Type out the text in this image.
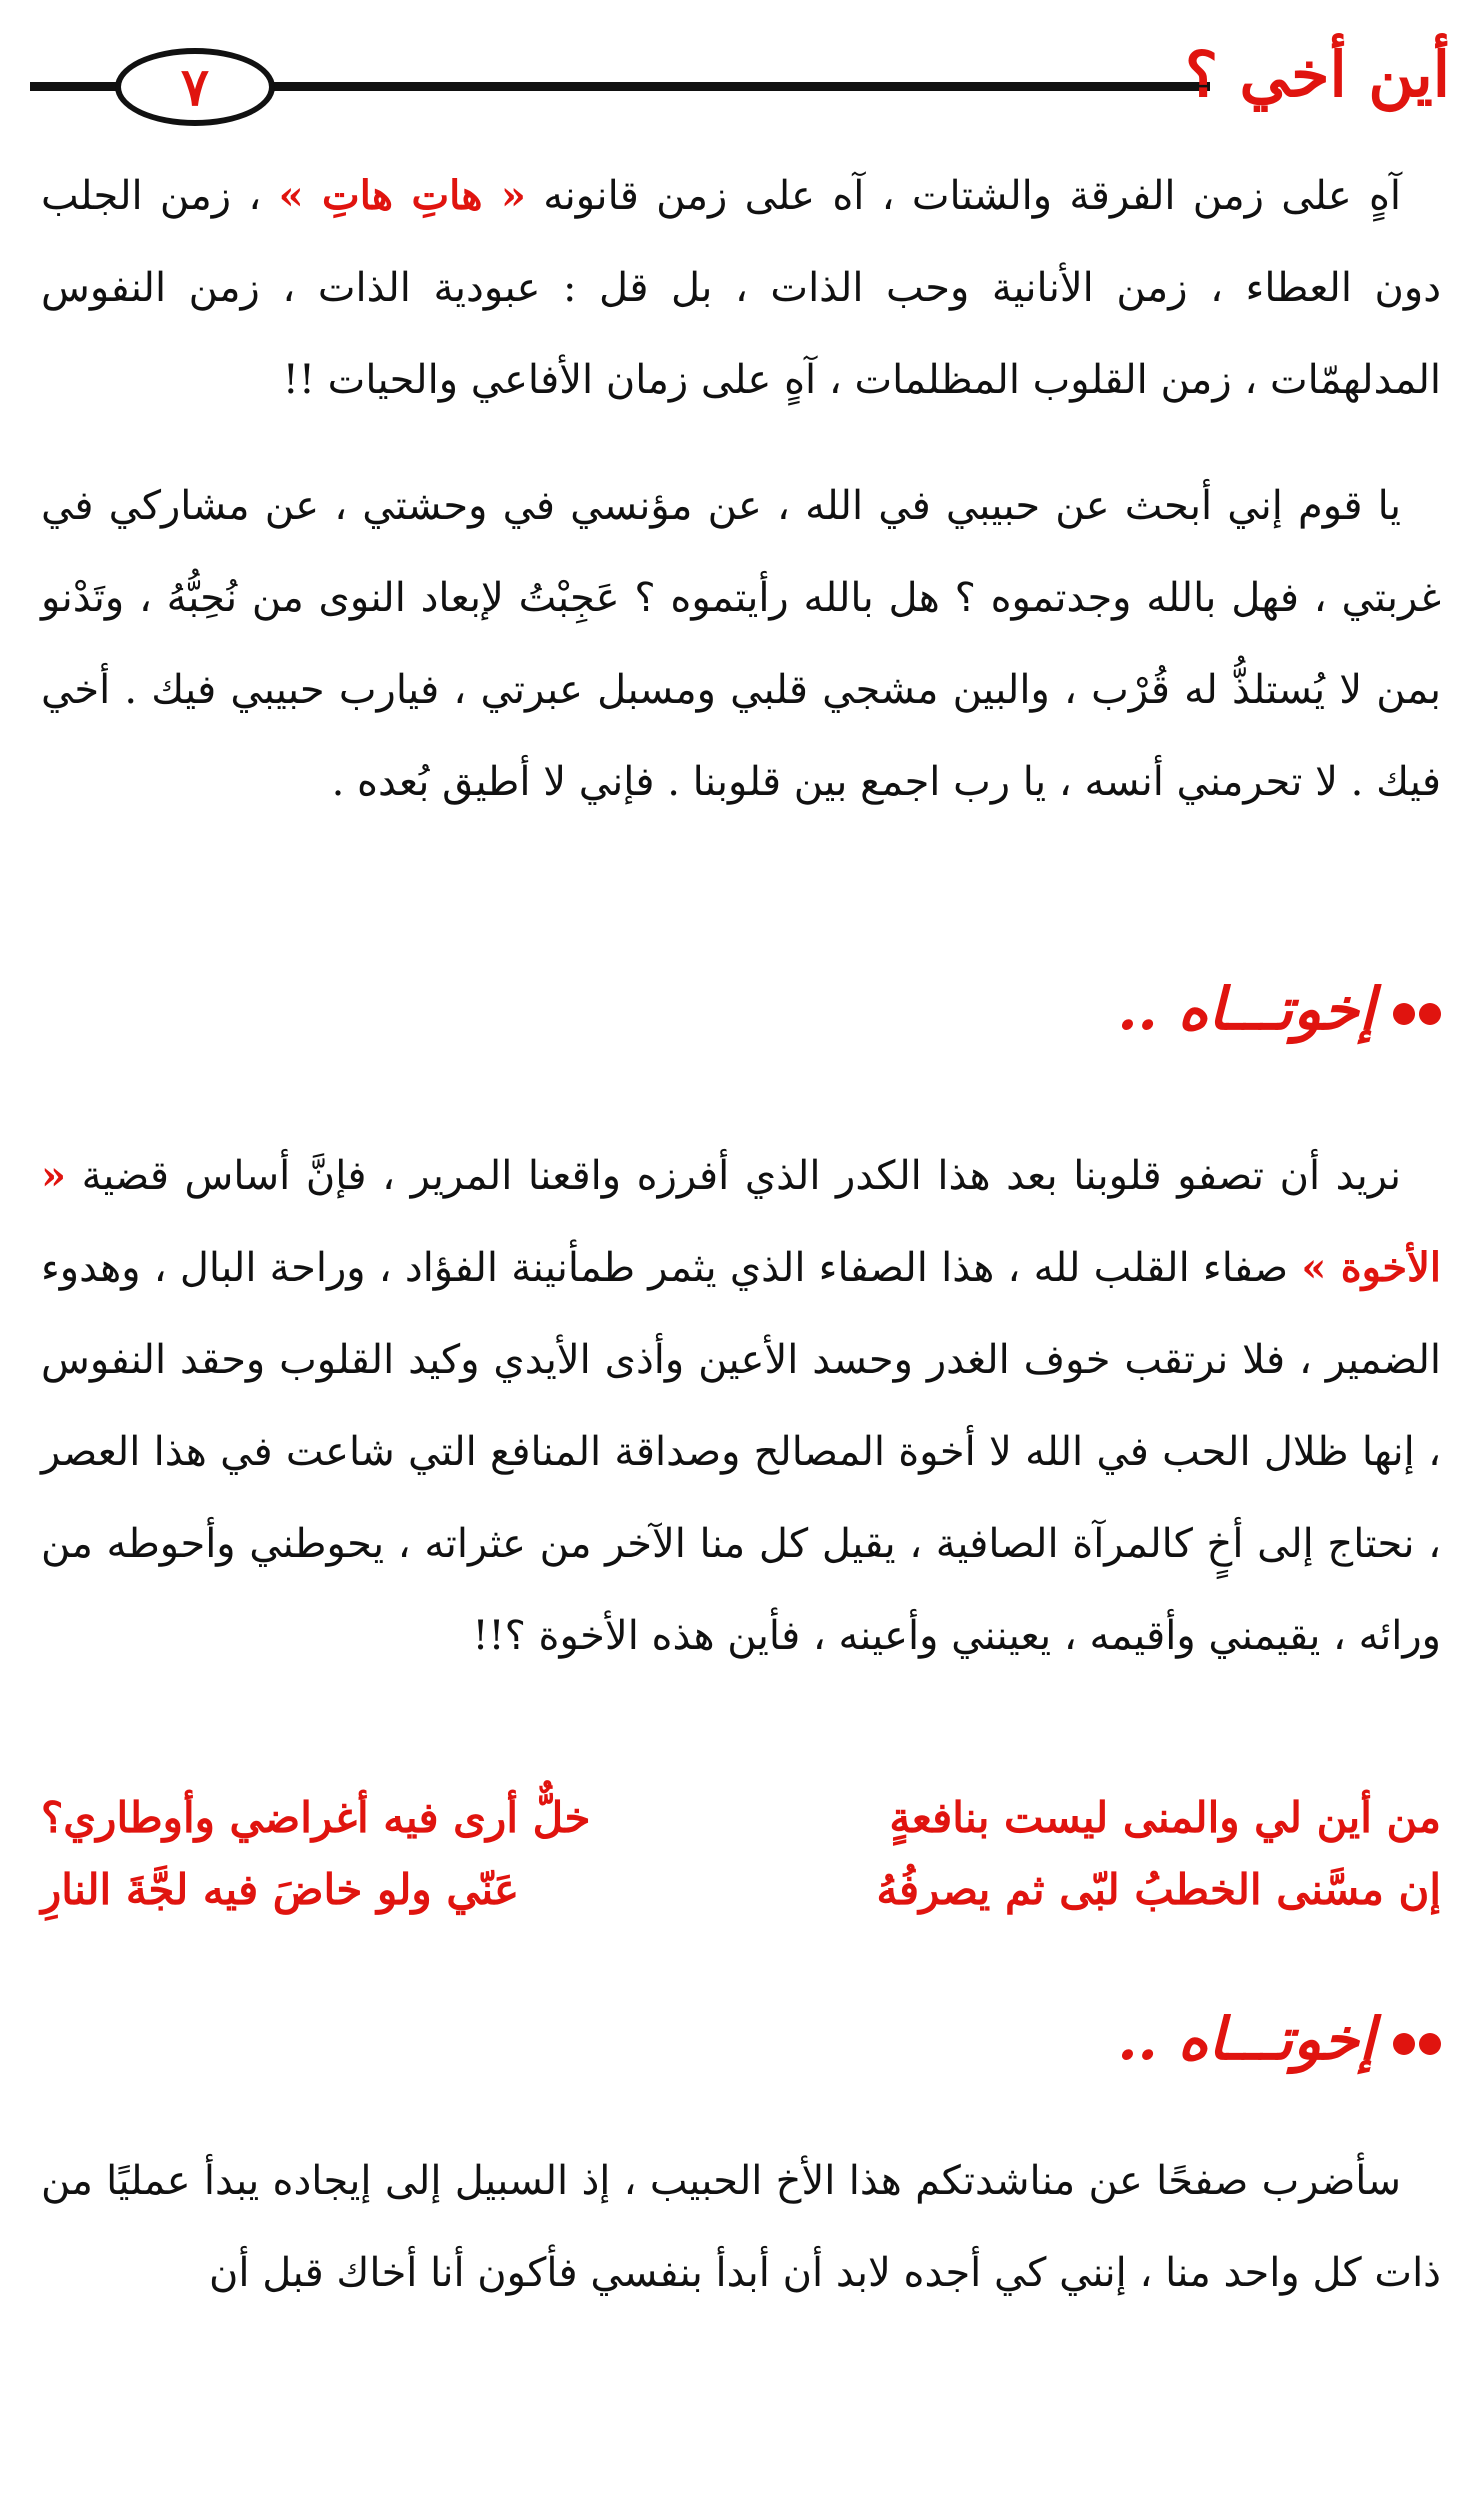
٧	أين أخي ؟

آهٍ على زمن الفرقة والشتات ، آه على زمن قانونه « هاتِ هاتِ » ، زمن الجلب دون العطاء ، زمن الأنانية وحب الذات ، بل قل : عبودية الذات ، زمن النفوس المدلهمّات ، زمن القلوب المظلمات ، آهٍ على زمان الأفاعي والحيات !!

يا قوم إني أبحث عن حبيبي في الله ، عن مؤنسي في وحشتي ، عن مشاركي في غربتي ، فهل بالله وجدتموه ؟ هل بالله رأيتموه ؟ عَجِبْتُ لإبعاد النوى من نُحِبُّهُ ، وتَدْنو بمن لا يُستلذُّ له قُرْب ، والبين مشجي قلبي ومسبل عبرتي ، فيارب حبيبي فيك . أخي فيك . لا تحرمني أنسه ، يا رب اجمع بين قلوبنا . فإني لا أطيق بُعده .

إخوتـــاه ..

نريد أن تصفو قلوبنا بعد هذا الكدر الذي أفرزه واقعنا المرير ، فإنَّ أساس قضية « الأخوة » صفاء القلب لله ، هذا الصفاء الذي يثمر طمأنينة الفؤاد ، وراحة البال ، وهدوء الضمير ، فلا نرتقب خوف الغدر وحسد الأعين وأذى الأيدي وكيد القلوب وحقد النفوس ، إنها ظلال الحب في الله لا أخوة المصالح وصداقة المنافع التي شاعت في هذا العصر ، نحتاج إلى أخٍ كالمرآة الصافية ، يقيل كل منا الآخر من عثراته ، يحوطني وأحوطه من ورائه ، يقيمني وأقيمه ، يعينني وأعينه ، فأين هذه الأخوة ؟!!

من أين لي والمنى ليست بنافعةٍ
خلٌّ أرى فيه أغراضي وأوطاري؟
إن مسَّنى الخطبُ لبّى ثم يصرفُهُ
عَنّي ولو خاضَ فيه لجَّةَ النارِ
إخوتـــاه ..

سأضرب صفحًا عن مناشدتكم هذا الأخ الحبيب ، إذ السبيل إلى إيجاده يبدأ عمليًا من ذات كل واحد منا ، إنني كي أجده لابد أن أبدأ بنفسي فأكون أنا أخاك قبل أن
